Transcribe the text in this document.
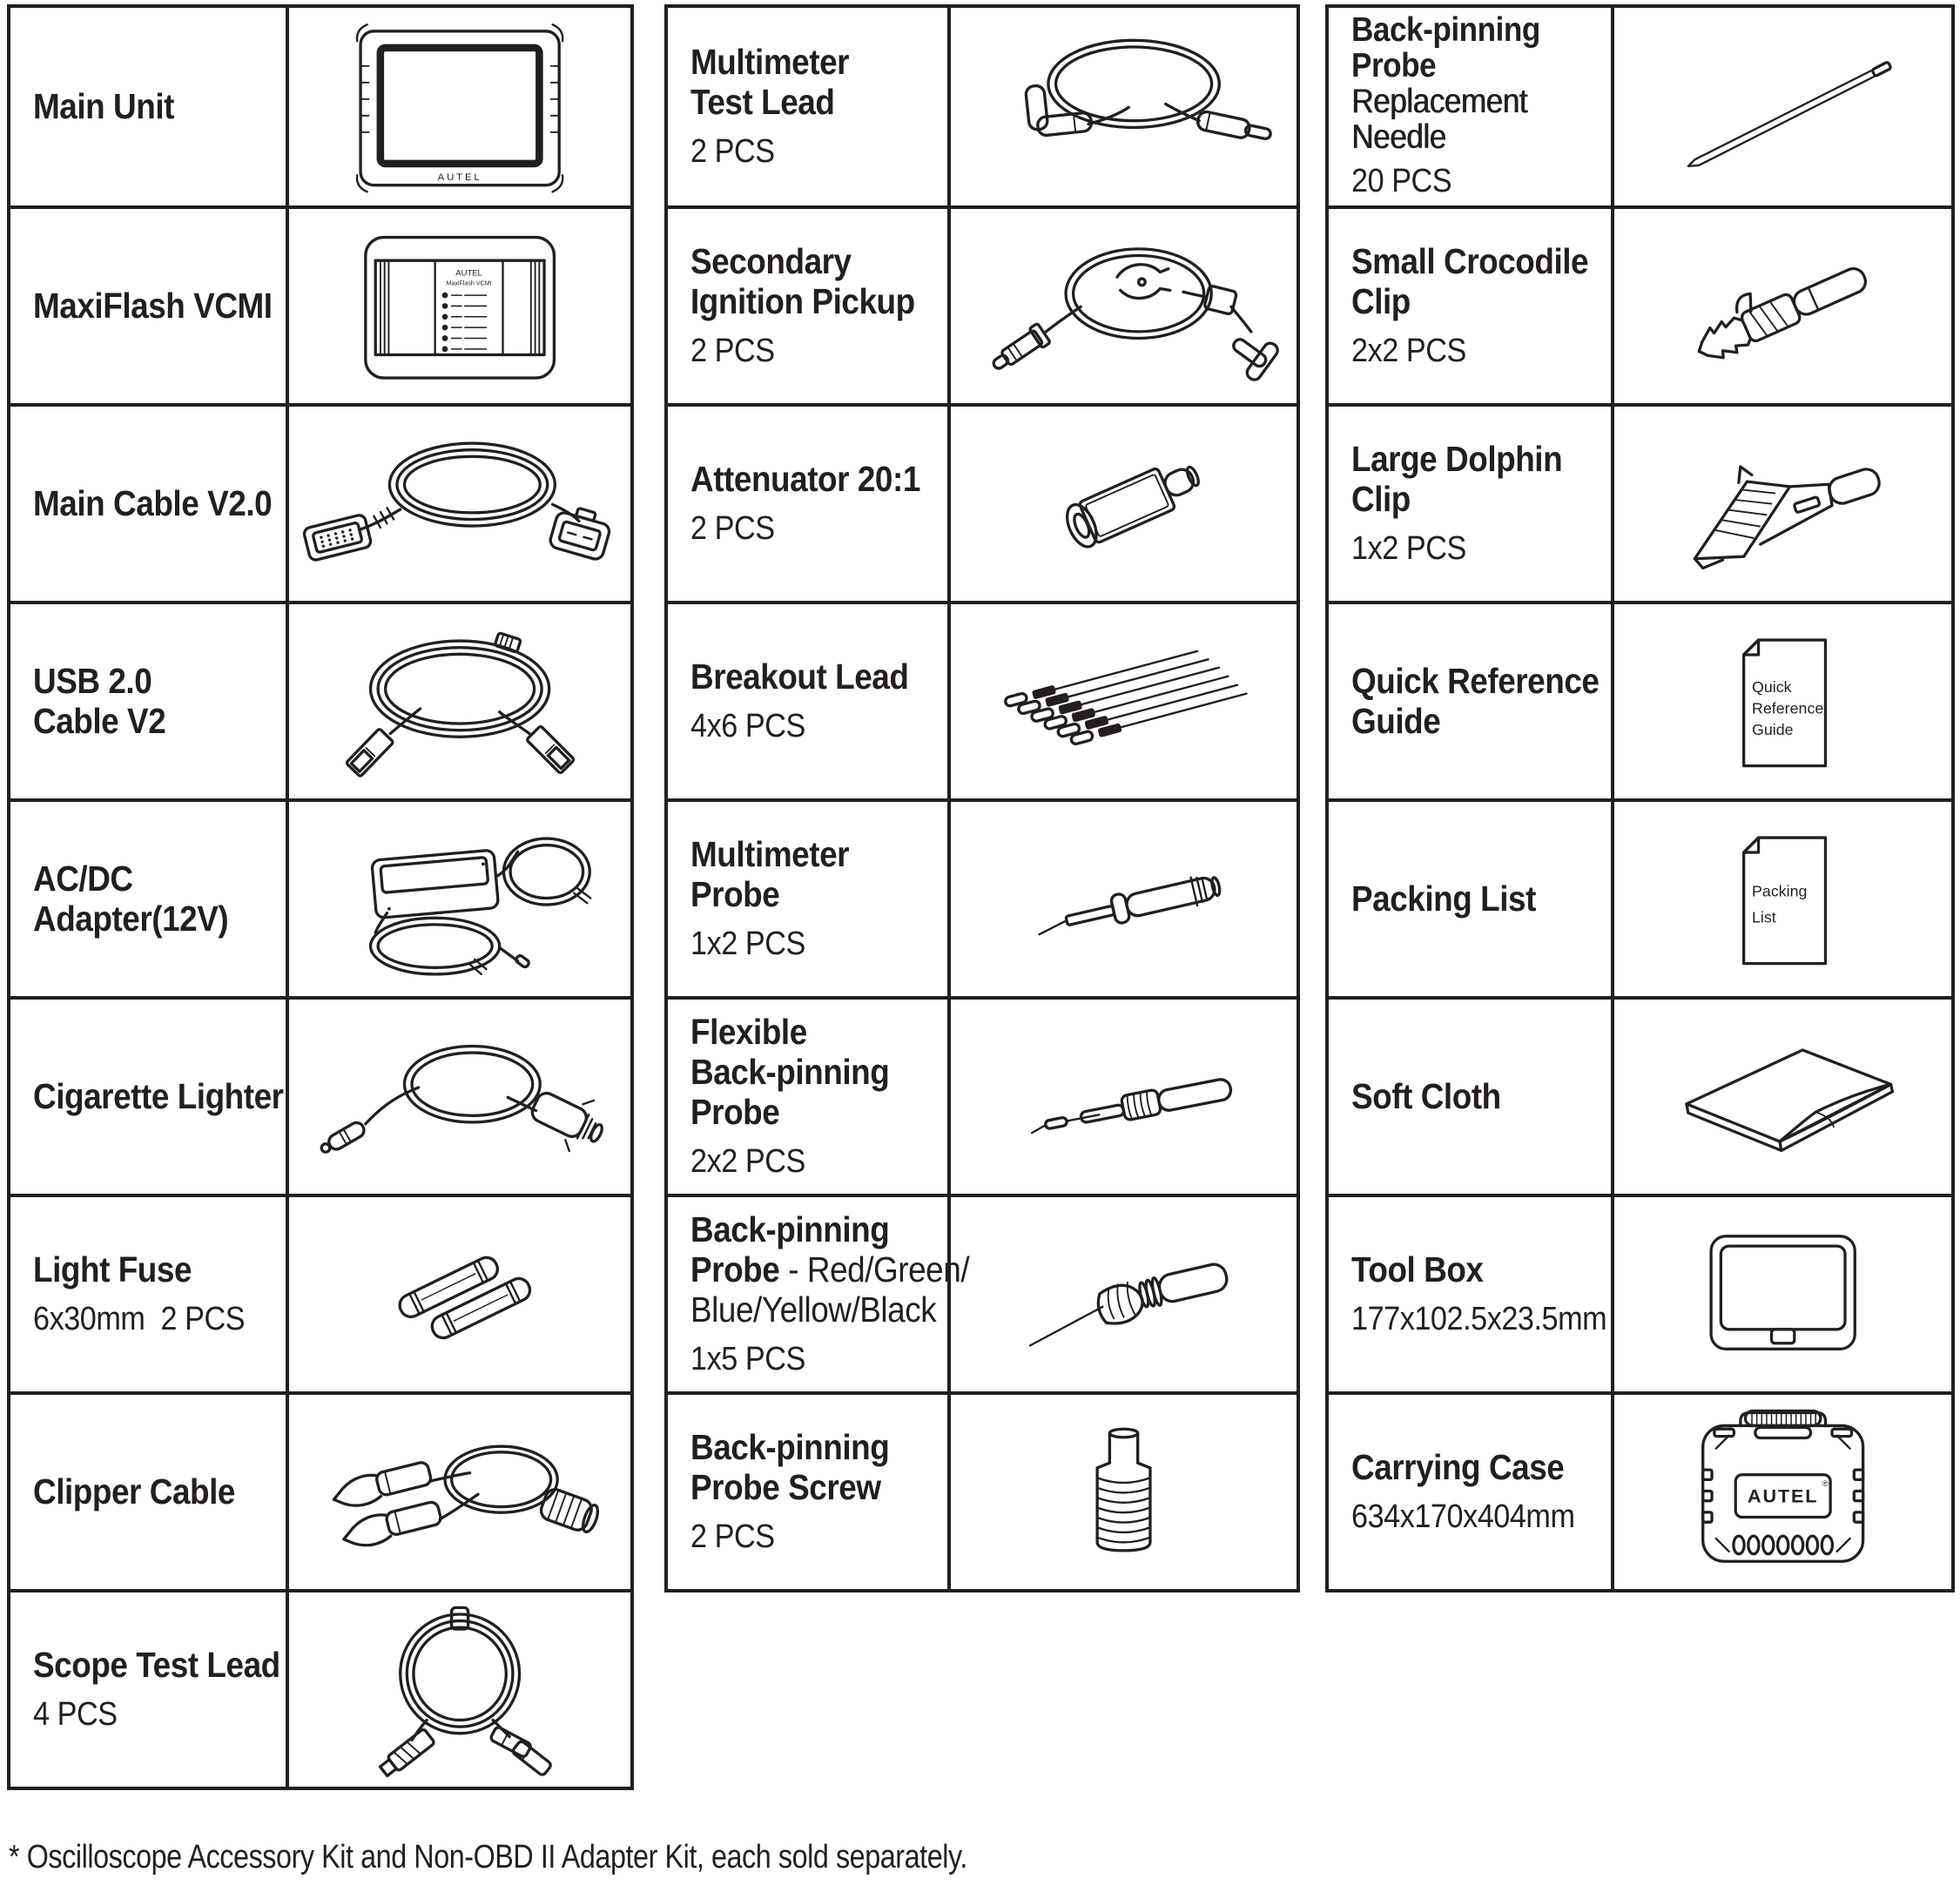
Main Unit
AUTEL
MaxiFlash VCMI
AUTEL
MaxiFlash VCMI
Main Cable V2.0
USB 2.0
Cable V2
AC/DC
Adapter(12V)
Cigarette Lighter
Light Fuse
6x30mm  2 PCS
Clipper Cable
Scope Test Lead
4 PCS
Multimeter
Test Lead
2 PCS
Secondary
Ignition Pickup
2 PCS
Attenuator 20:1
2 PCS
Breakout Lead
4x6 PCS
Multimeter
Probe
1x2 PCS
Flexible
Back-pinning
Probe
2x2 PCS
Back-pinning
Probe - Red/Green/
Blue/Yellow/Black
1x5 PCS
Back-pinning
Probe Screw
2 PCS
Back-pinning
Probe
Replacement
Needle
20 PCS
Small Crocodile
Clip
2x2 PCS
Large Dolphin
Clip
1x2 PCS
Quick Reference
Guide
Quick
Reference
Guide
Packing List	Packing
List
Soft Cloth
Tool Box
177x102.5x23.5mm
Carrying Case
634x170x404mm
AUTEL
®
* Oscilloscope Accessory Kit and Non-OBD II Adapter Kit, each sold separately.
